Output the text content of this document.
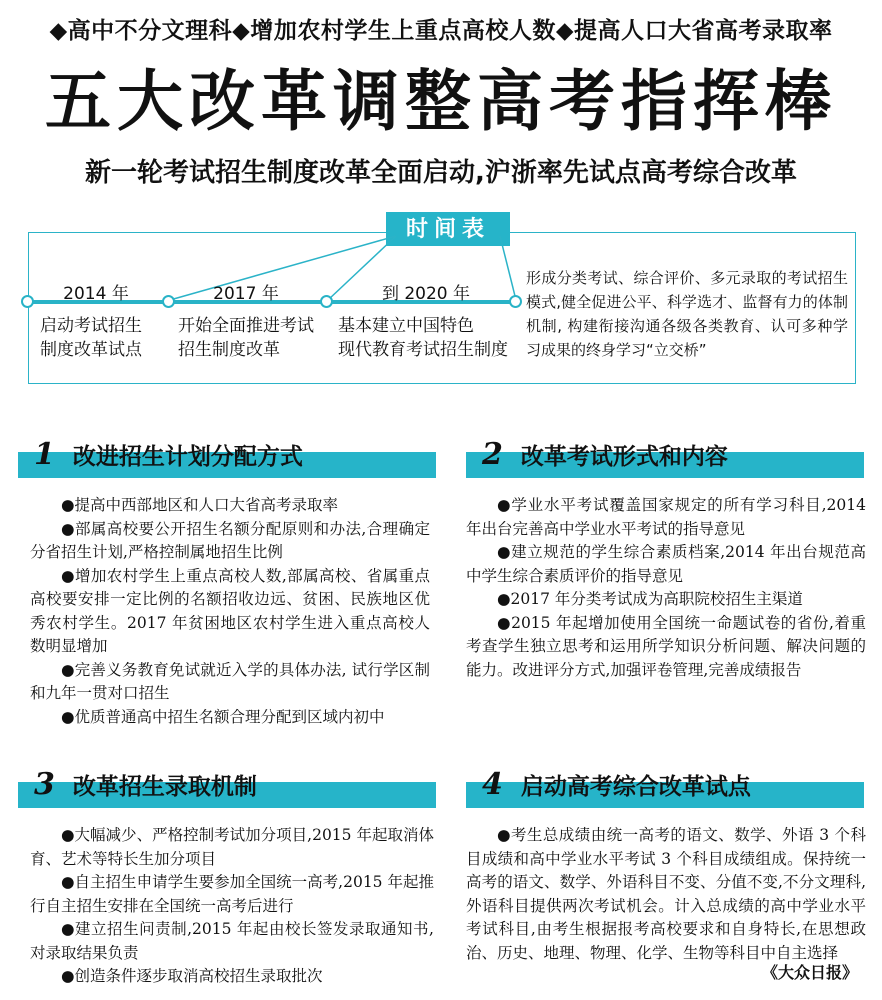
◆高中不分文理科◆增加农村学生上重点高校人数◆提高人口大省高考录取率
五大改革调整高考指挥棒
新一轮考试招生制度改革全面启动,沪浙率先试点高考综合改革
时间表
2014 年	2017 年	到 2020 年
启动考试招生
制度改革试点
开始全面推进考试
招生制度改革
基本建立中国特色
现代教育考试招生制度
形成分类考试、综合评价、多元录取的考试招生模式,健全促进公平、科学选才、监督有力的体制机制, 构建衔接沟通各级各类教育、认可多种学习成果的终身学习“立交桥”
1 改进招生计划分配方式

●提高中西部地区和人口大省高考录取率

●部属高校要公开招生名额分配原则和办法,合理确定分省招生计划,严格控制属地招生比例

●增加农村学生上重点高校人数,部属高校、省属重点高校要安排一定比例的名额招收边远、贫困、民族地区优秀农村学生。2017 年贫困地区农村学生进入重点高校人数明显增加

●完善义务教育免试就近入学的具体办法, 试行学区制和九年一贯对口招生

●优质普通高中招生名额合理分配到区域内初中

2 改革考试形式和内容

●学业水平考试覆盖国家规定的所有学习科目,2014 年出台完善高中学业水平考试的指导意见

●建立规范的学生综合素质档案,2014 年出台规范高中学生综合素质评价的指导意见

●2017 年分类考试成为高职院校招生主渠道

●2015 年起增加使用全国统一命题试卷的省份,着重考查学生独立思考和运用所学知识分析问题、解决问题的能力。改进评分方式,加强评卷管理,完善成绩报告

3 改革招生录取机制

●大幅减少、严格控制考试加分项目,2015 年起取消体育、艺术等特长生加分项目

●自主招生申请学生要参加全国统一高考,2015 年起推行自主招生安排在全国统一高考后进行

●建立招生问责制,2015 年起由校长签发录取通知书,对录取结果负责

●创造条件逐步取消高校招生录取批次

4 启动高考综合改革试点

●考生总成绩由统一高考的语文、数学、外语 3 个科目成绩和高中学业水平考试 3 个科目成绩组成。保持统一高考的语文、数学、外语科目不变、分值不变,不分文理科,外语科目提供两次考试机会。计入总成绩的高中学业水平考试科目,由考生根据报考高校要求和自身特长,在思想政治、历史、地理、物理、化学、生物等科目中自主选择

《大众日报》
